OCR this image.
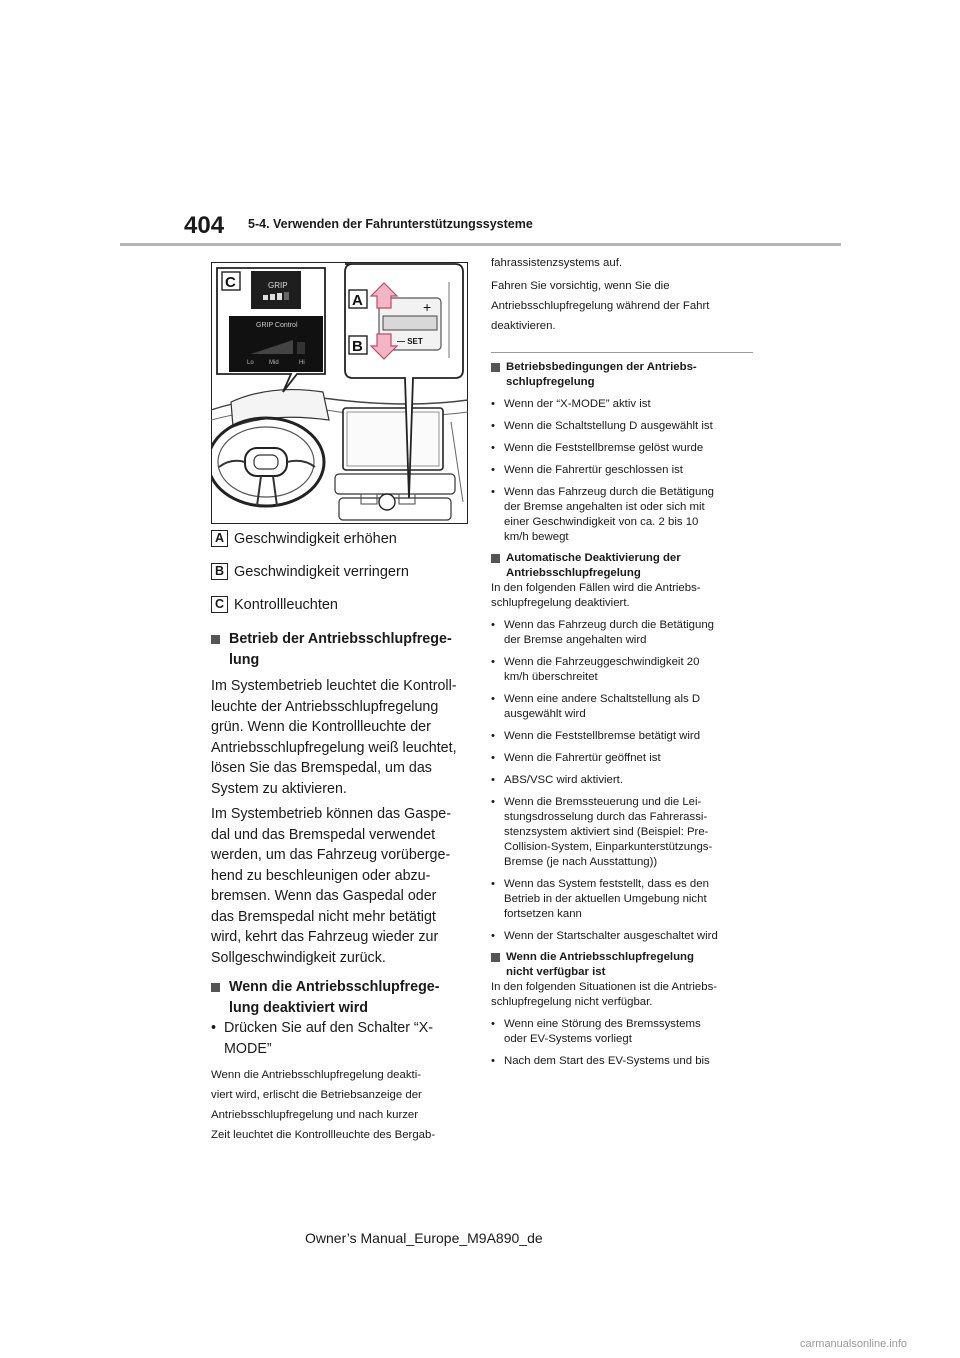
404 5-4. Verwenden der Fahrunterstützungssysteme
GRIP
GRIP Control
Lo	Mid	Hi
C
+
— SET
A
B
A Geschwindigkeit erhöhen
B Geschwindigkeit verringern
C Kontrollleuchten
Betrieb der Antriebsschlupfrege-
lung
Im Systembetrieb leuchtet die Kontroll-
leuchte der Antriebsschlupfregelung
grün. Wenn die Kontrollleuchte der
Antriebsschlupfregelung weiß leuchtet,
lösen Sie das Bremspedal, um das
System zu aktivieren.
Im Systembetrieb können das Gaspe-
dal und das Bremspedal verwendet
werden, um das Fahrzeug vorüberge-
hend zu beschleunigen oder abzu-
bremsen. Wenn das Gaspedal oder
das Bremspedal nicht mehr betätigt
wird, kehrt das Fahrzeug wieder zur
Sollgeschwindigkeit zurück.
Wenn die Antriebsschlupfrege-
lung deaktiviert wird
• Drücken Sie auf den Schalter “X-
MODE”
Wenn die Antriebsschlupfregelung deakti-
viert wird, erlischt die Betriebsanzeige der
Antriebsschlupfregelung und nach kurzer
Zeit leuchtet die Kontrollleuchte des Bergab-
fahrassistenzsystems auf.
Fahren Sie vorsichtig, wenn Sie die
Antriebsschlupfregelung während der Fahrt
deaktivieren.
Betriebsbedingungen der Antriebs-
schlupfregelung
• Wenn der “X-MODE” aktiv ist
• Wenn die Schaltstellung D ausgewählt ist
• Wenn die Feststellbremse gelöst wurde
• Wenn die Fahrertür geschlossen ist
• Wenn das Fahrzeug durch die Betätigung
der Bremse angehalten ist oder sich mit
einer Geschwindigkeit von ca. 2 bis 10
km/h bewegt
Automatische Deaktivierung der
Antriebsschlupfregelung
In den folgenden Fällen wird die Antriebs-
schlupfregelung deaktiviert.
• Wenn das Fahrzeug durch die Betätigung
der Bremse angehalten wird
• Wenn die Fahrzeuggeschwindigkeit 20
km/h überschreitet
• Wenn eine andere Schaltstellung als D
ausgewählt wird
• Wenn die Feststellbremse betätigt wird
• Wenn die Fahrertür geöffnet ist
• ABS/VSC wird aktiviert.
• Wenn die Bremssteuerung und die Lei-
stungsdrosselung durch das Fahrerassi-
stenzsystem aktiviert sind (Beispiel: Pre-
Collision-System, Einparkunterstützungs-
Bremse (je nach Ausstattung))
• Wenn das System feststellt, dass es den
Betrieb in der aktuellen Umgebung nicht
fortsetzen kann
• Wenn der Startschalter ausgeschaltet wird
Wenn die Antriebsschlupfregelung
nicht verfügbar ist
In den folgenden Situationen ist die Antriebs-
schlupfregelung nicht verfügbar.
• Wenn eine Störung des Bremssystems
oder EV-Systems vorliegt
• Nach dem Start des EV-Systems und bis
Owner’s Manual_Europe_M9A890_de
carmanualsonline.info
